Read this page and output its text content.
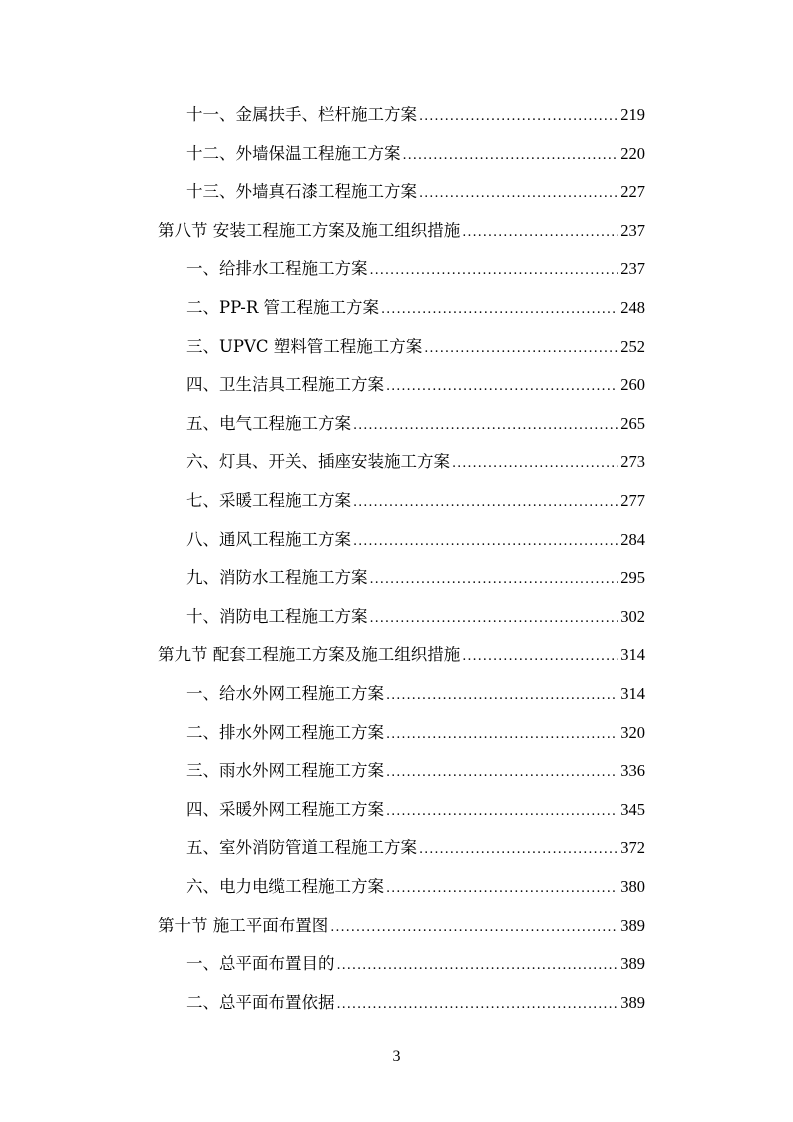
十一、金属扶手、栏杆施工方案 .....	219
十二、外墙保温工程施工方案 .....	220
十三、外墙真石漆工程施工方案 .....	227
第八节 安装工程施工方案及施工组织措施 .....	237
一、给排水工程施工方案 .....	237
二、PP-R 管工程施工方案 .....	248
三、UPVC 塑料管工程施工方案 .....	252
四、卫生洁具工程施工方案 .....	260
五、电气工程施工方案 .....	265
六、灯具、开关、插座安装施工方案 .....	273
七、采暖工程施工方案 .....	277
八、通风工程施工方案 .....	284
九、消防水工程施工方案 .....	295
十、消防电工程施工方案 .....	302
第九节 配套工程施工方案及施工组织措施 .....	314
一、给水外网工程施工方案 .....	314
二、排水外网工程施工方案 .....	320
三、雨水外网工程施工方案 .....	336
四、采暖外网工程施工方案 .....	345
五、室外消防管道工程施工方案 .....	372
六、电力电缆工程施工方案 .....	380
第十节 施工平面布置图 .....	389
一、总平面布置目的 .....	389
二、总平面布置依据 .....	389
3
